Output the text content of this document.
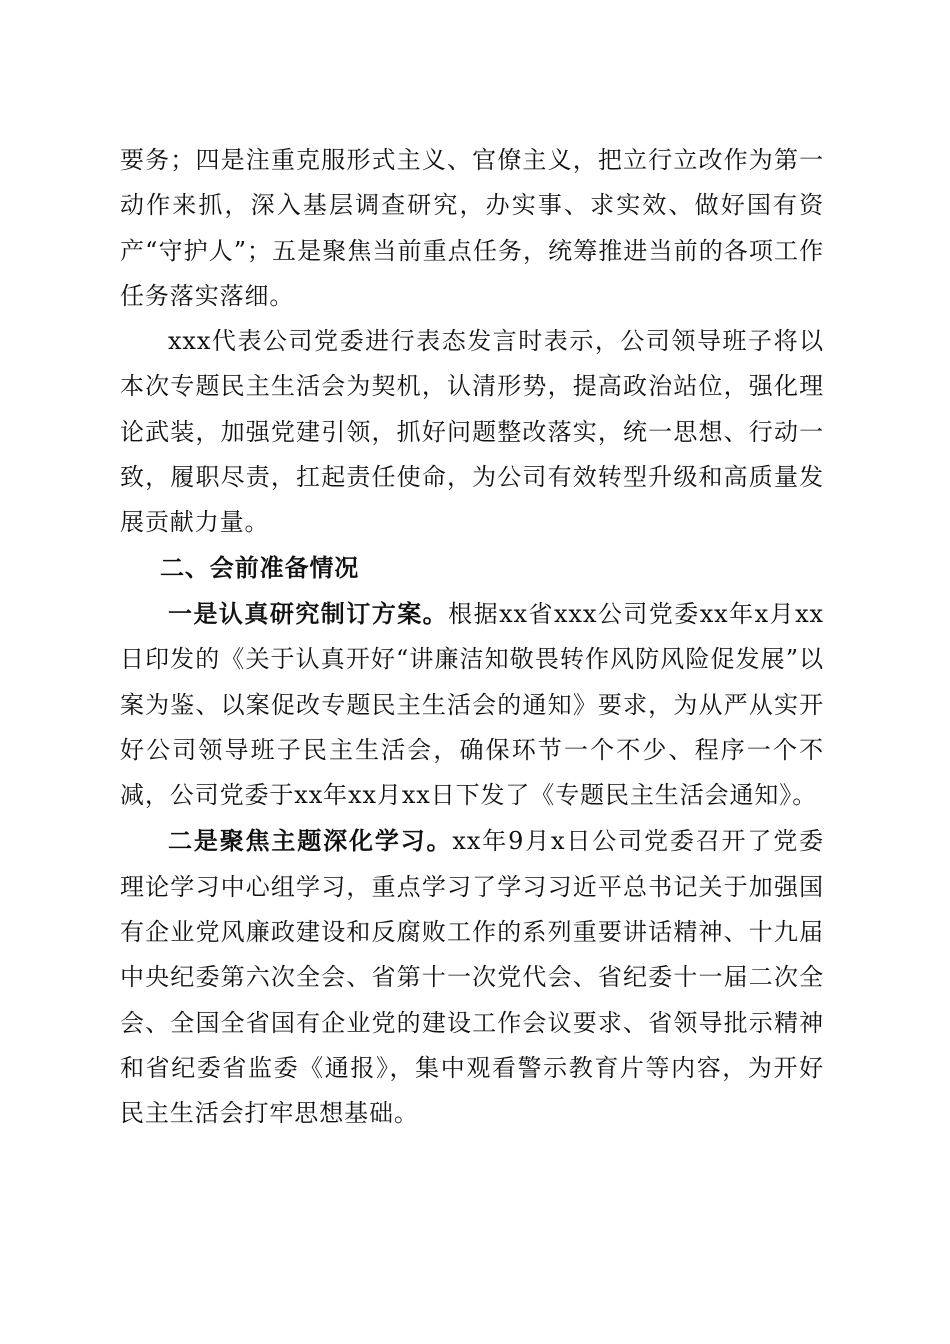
要务；四是注重克服形式主义、官僚主义，把立行立改作为第一动作来抓，深入基层调查研究，办实事、求实效、做好国有资产“守护人”；五是聚焦当前重点任务，统筹推进当前的各项工作任务落实落细。

xxx代表公司党委进行表态发言时表示，公司领导班子将以本次专题民主生活会为契机，认清形势，提高政治站位，强化理论武装，加强党建引领，抓好问题整改落实，统一思想、行动一致，履职尽责，扛起责任使命，为公司有效转型升级和高质量发展贡献力量。

二、会前准备情况

一是认真研究制订方案。根据xx省xxx公司党委xx年x月xx日印发的《关于认真开好“讲廉洁知敬畏转作风防风险促发展”以案为鉴、以案促改专题民主生活会的通知》要求，为从严从实开好公司领导班子民主生活会，确保环节一个不少、程序一个不减，公司党委于xx年xx月xx日下发了《专题民主生活会通知》。

二是聚焦主题深化学习。xx年9月x日公司党委召开了党委理论学习中心组学习，重点学习了学习习近平总书记关于加强国有企业党风廉政建设和反腐败工作的系列重要讲话精神、十九届中央纪委第六次全会、省第十一次党代会、省纪委十一届二次全会、全国全省国有企业党的建设工作会议要求、省领导批示精神和省纪委省监委《通报》，集中观看警示教育片等内容，为开好民主生活会打牢思想基础。
